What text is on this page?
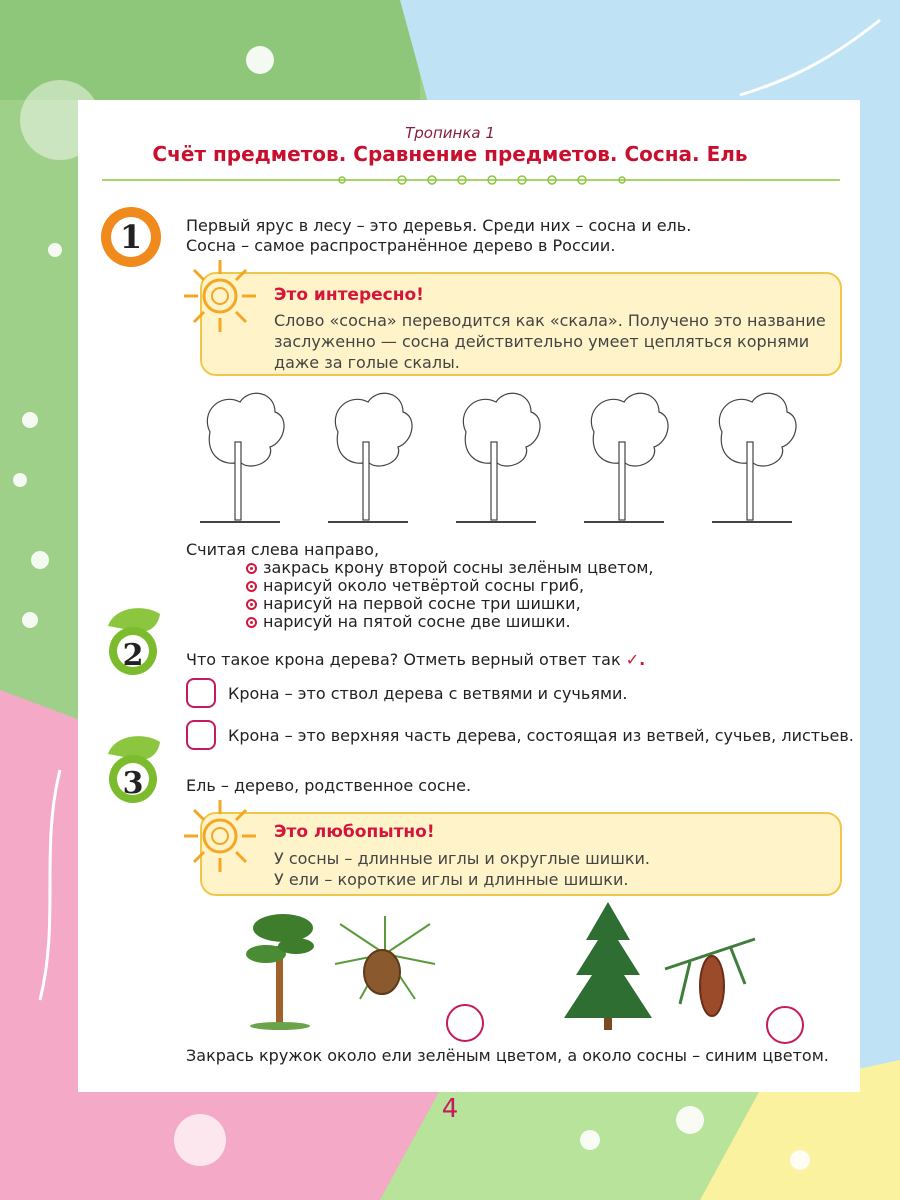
Тропинка 1
Счёт предметов. Сравнение предметов. Сосна. Ель
1	Первый ярус в лесу – это деревья. Среди них – сосна и ель.
Сосна – самое распространённое дерево в России.
Это интересно!
Слово «сосна» переводится как «скала». Получено это название
заслуженно — сосна действительно умеет цепляться корнями
даже за голые скалы.
Считая слева направо,
закрась крону второй сосны зелёным цветом,
нарисуй около четвёртой сосны гриб,
нарисуй на первой сосне три шишки,
нарисуй на пятой сосне две шишки.
2	Что такое крона дерева? Отметь верный ответ так ✓.
Крона – это ствол дерева с ветвями и сучьями.
Крона – это верхняя часть дерева, состоящая из ветвей, сучьев, листьев.
3	Ель – дерево, родственное сосне.
Это любопытно!
У сосны – длинные иглы и округлые шишки.
У ели – короткие иглы и длинные шишки.
Закрась кружок около ели зелёным цветом, а около сосны – синим цветом.
4
